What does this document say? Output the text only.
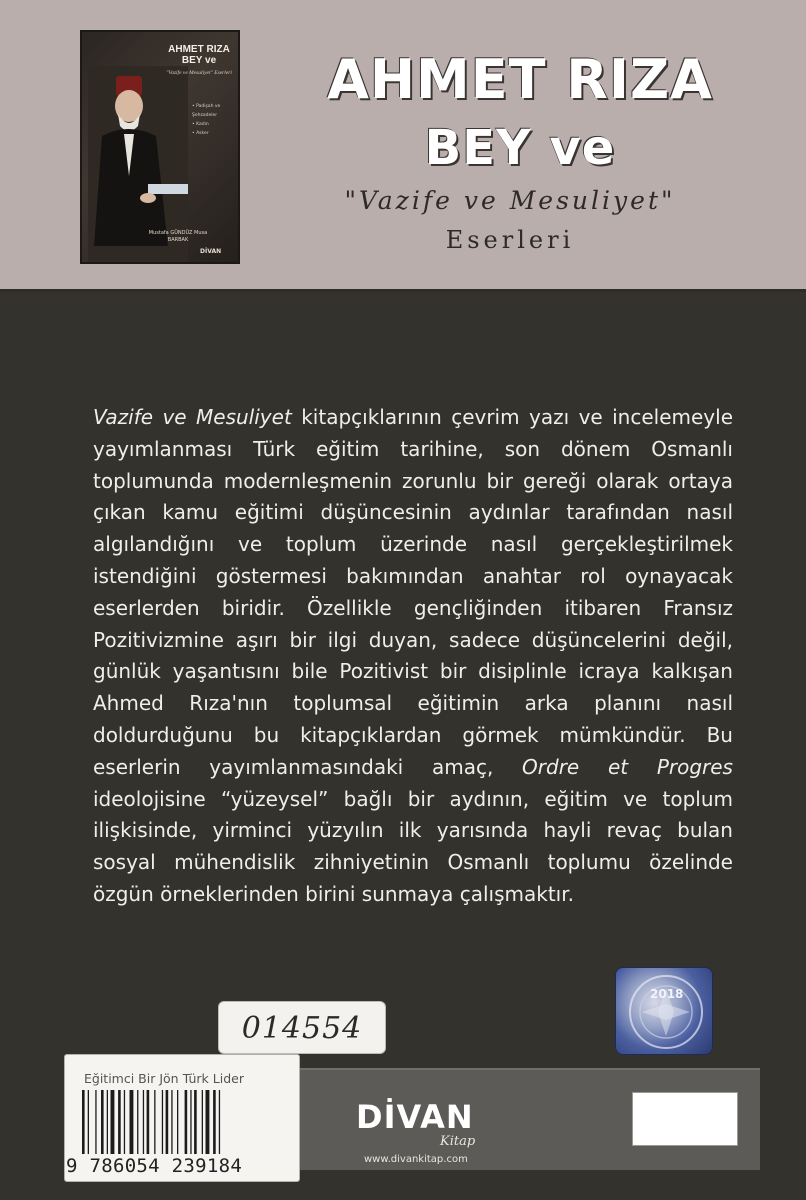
AHMET RIZA BEY ve
"Vazife ve Mesuliyet" Eserleri
• Padişah ve Şehzadeler
• Kadın
• Asker
Mustafa GÜNDÜZ Musa BARBAK
DİVAN
AHMET RIZA
BEY ve
"Vazife ve Mesuliyet"
Eserleri

Vazife ve Mesuliyet kitapçıklarının çevrim yazı ve incelemeyle yayımlanması Türk eğitim tarihine, son dönem Osmanlı toplumunda modernleşmenin zorunlu bir gereği olarak ortaya çıkan kamu eğitimi düşüncesinin aydınlar tarafından nasıl algılandığını ve toplum üzerinde nasıl gerçekleştirilmek istendiğini göstermesi bakımından anahtar rol oynayacak eserlerden biridir. Özellikle gençliğinden itibaren Fransız Pozitivizmine aşırı bir ilgi duyan, sadece düşüncelerini değil, günlük yaşantısını bile Pozitivist bir disiplinle icraya kalkışan Ahmed Rıza'nın toplumsal eğitimin arka planını nasıl doldurduğunu bu kitapçıklardan görmek mümkündür. Bu eserlerin yayımlanmasındaki amaç, Ordre et Progres ideolojisine “yüzeysel” bağlı bir aydının, eğitim ve toplum ilişkisinde, yirminci yüzyılın ilk yarısında hayli revaç bulan sosyal mühendislik zihniyetinin Osmanlı toplumu özelinde özgün örneklerinden birini sunmaya çalışmaktır.

2018
014554
DİVAN
Kitap
www.divankitap.com
Eğitimci Bir Jön Türk Lider
9 786054 239184
